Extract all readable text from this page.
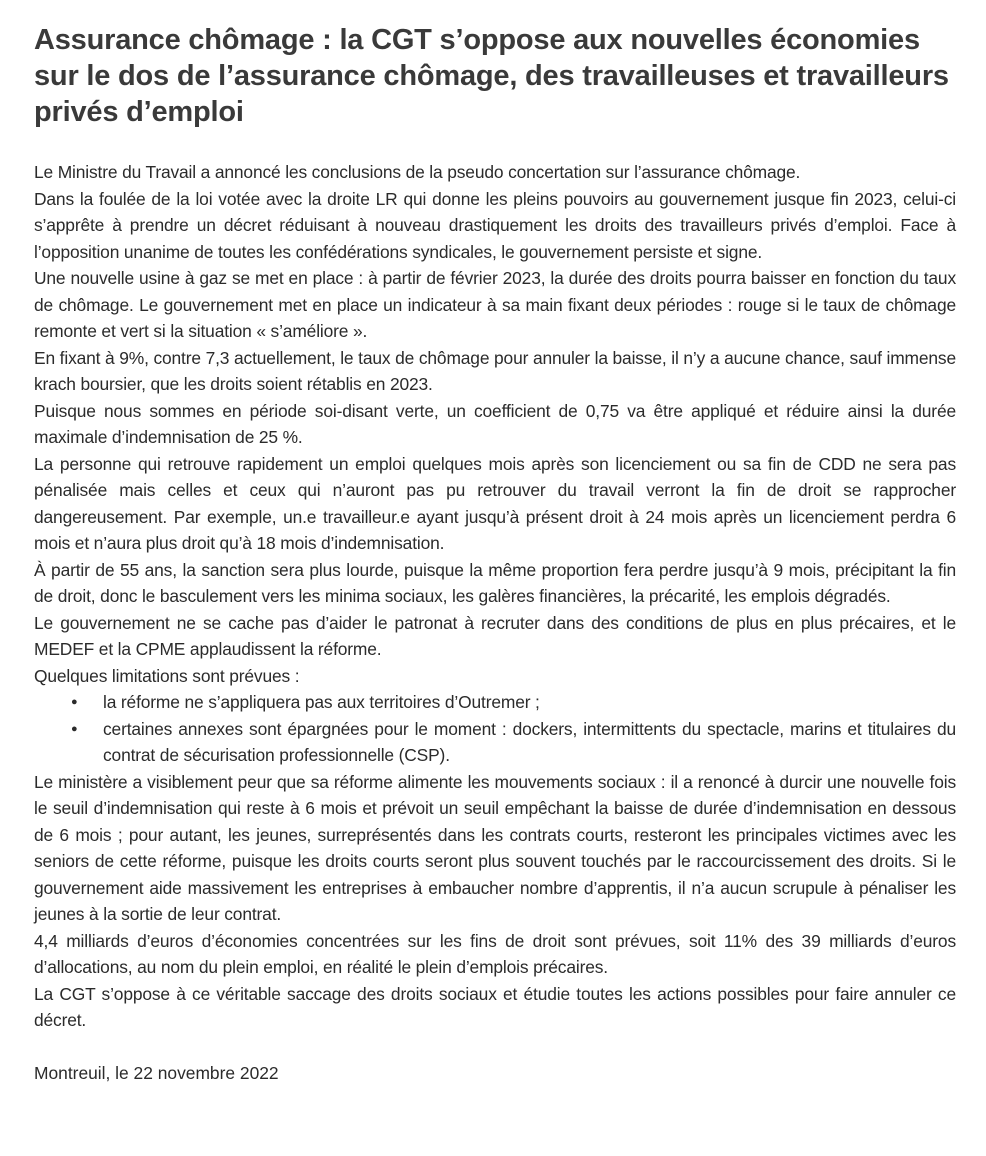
Assurance chômage : la CGT s’oppose aux nouvelles économies sur le dos de l’assurance chômage, des travailleuses et travailleurs privés d’emploi

Le Ministre du Travail a annoncé les conclusions de la pseudo concertation sur l’assurance chômage.

Dans la foulée de la loi votée avec la droite LR qui donne les pleins pouvoirs au gouvernement jusque fin 2023, celui-ci s’apprête à prendre un décret réduisant à nouveau drastiquement les droits des travailleurs privés d’emploi. Face à l’opposition unanime de toutes les confédérations syndicales, le gouvernement persiste et signe.

Une nouvelle usine à gaz se met en place : à partir de février 2023, la durée des droits pourra baisser en fonction du taux de chômage. Le gouvernement met en place un indicateur à sa main fixant deux périodes : rouge si le taux de chômage remonte et vert si la situation « s’améliore ».

En fixant à 9%, contre 7,3 actuellement, le taux de chômage pour annuler la baisse, il n’y a aucune chance, sauf immense krach boursier, que les droits soient rétablis en 2023.

Puisque nous sommes en période soi-disant verte, un coefficient de 0,75 va être appliqué et réduire ainsi la durée maximale d’indemnisation de 25 %.

La personne qui retrouve rapidement un emploi quelques mois après son licenciement ou sa fin de CDD ne sera pas pénalisée mais celles et ceux qui n’auront pas pu retrouver du travail verront la fin de droit se rapprocher dangereusement. Par exemple, un.e travailleur.e ayant jusqu’à présent droit à 24 mois après un licenciement perdra 6 mois et n’aura plus droit qu’à 18 mois d’indemnisation.

À partir de 55 ans, la sanction sera plus lourde, puisque la même proportion fera perdre jusqu’à 9 mois, précipitant la fin de droit, donc le basculement vers les minima sociaux, les galères financières, la précarité, les emplois dégradés.

Le gouvernement ne se cache pas d’aider le patronat à recruter dans des conditions de plus en plus précaires, et le MEDEF et la CPME applaudissent la réforme.

Quelques limitations sont prévues :

● la réforme ne s’appliquera pas aux territoires d’Outremer ;
● certaines annexes sont épargnées pour le moment : dockers, intermittents du spectacle, marins et titulaires du contrat de sécurisation professionnelle (CSP).

Le ministère a visiblement peur que sa réforme alimente les mouvements sociaux : il a renoncé à durcir une nouvelle fois le seuil d’indemnisation qui reste à 6 mois et prévoit un seuil empêchant la baisse de durée d’indemnisation en dessous de 6 mois ; pour autant, les jeunes, surreprésentés dans les contrats courts, resteront les principales victimes avec les seniors de cette réforme, puisque les droits courts seront plus souvent touchés par le raccourcissement des droits. Si le gouvernement aide massivement les entreprises à embaucher nombre d’apprentis, il n’a aucun scrupule à pénaliser les jeunes à la sortie de leur contrat.

4,4 milliards d’euros d’économies concentrées sur les fins de droit sont prévues, soit 11% des 39 milliards d’euros d’allocations, au nom du plein emploi, en réalité le plein d’emplois précaires.

La CGT s’oppose à ce véritable saccage des droits sociaux et étudie toutes les actions possibles pour faire annuler ce décret.

Montreuil, le 22 novembre 2022
